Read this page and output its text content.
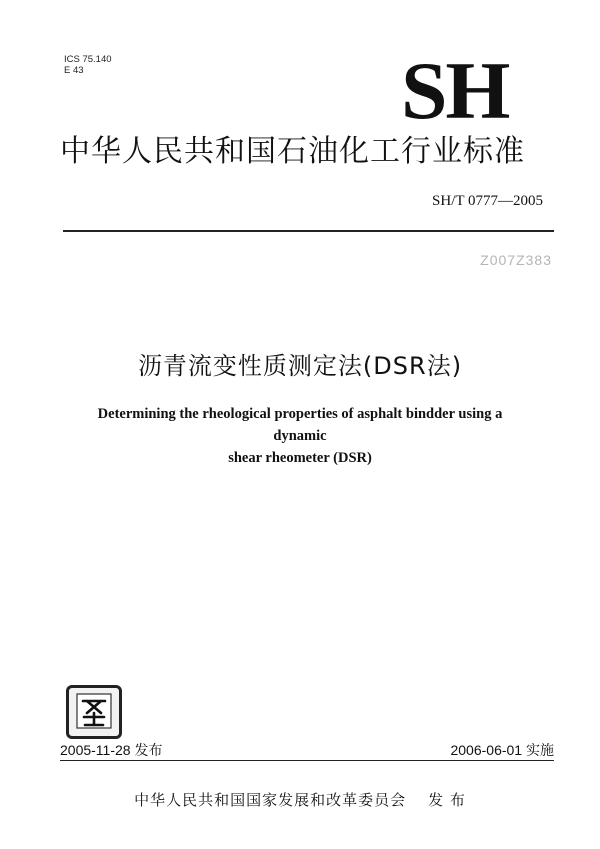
ICS 75.140
E 43	SH
中华人民共和国石油化工行业标准
SH/T 0777—2005
Z007Z383
沥青流变性质测定法(DSR法)
Determining the rheological properties of asphalt bindder using a dynamic
shear rheometer (DSR)
2005-11-28 发布	2006-06-01 实施
中华人民共和国国家发展和改革委员会 发 布
